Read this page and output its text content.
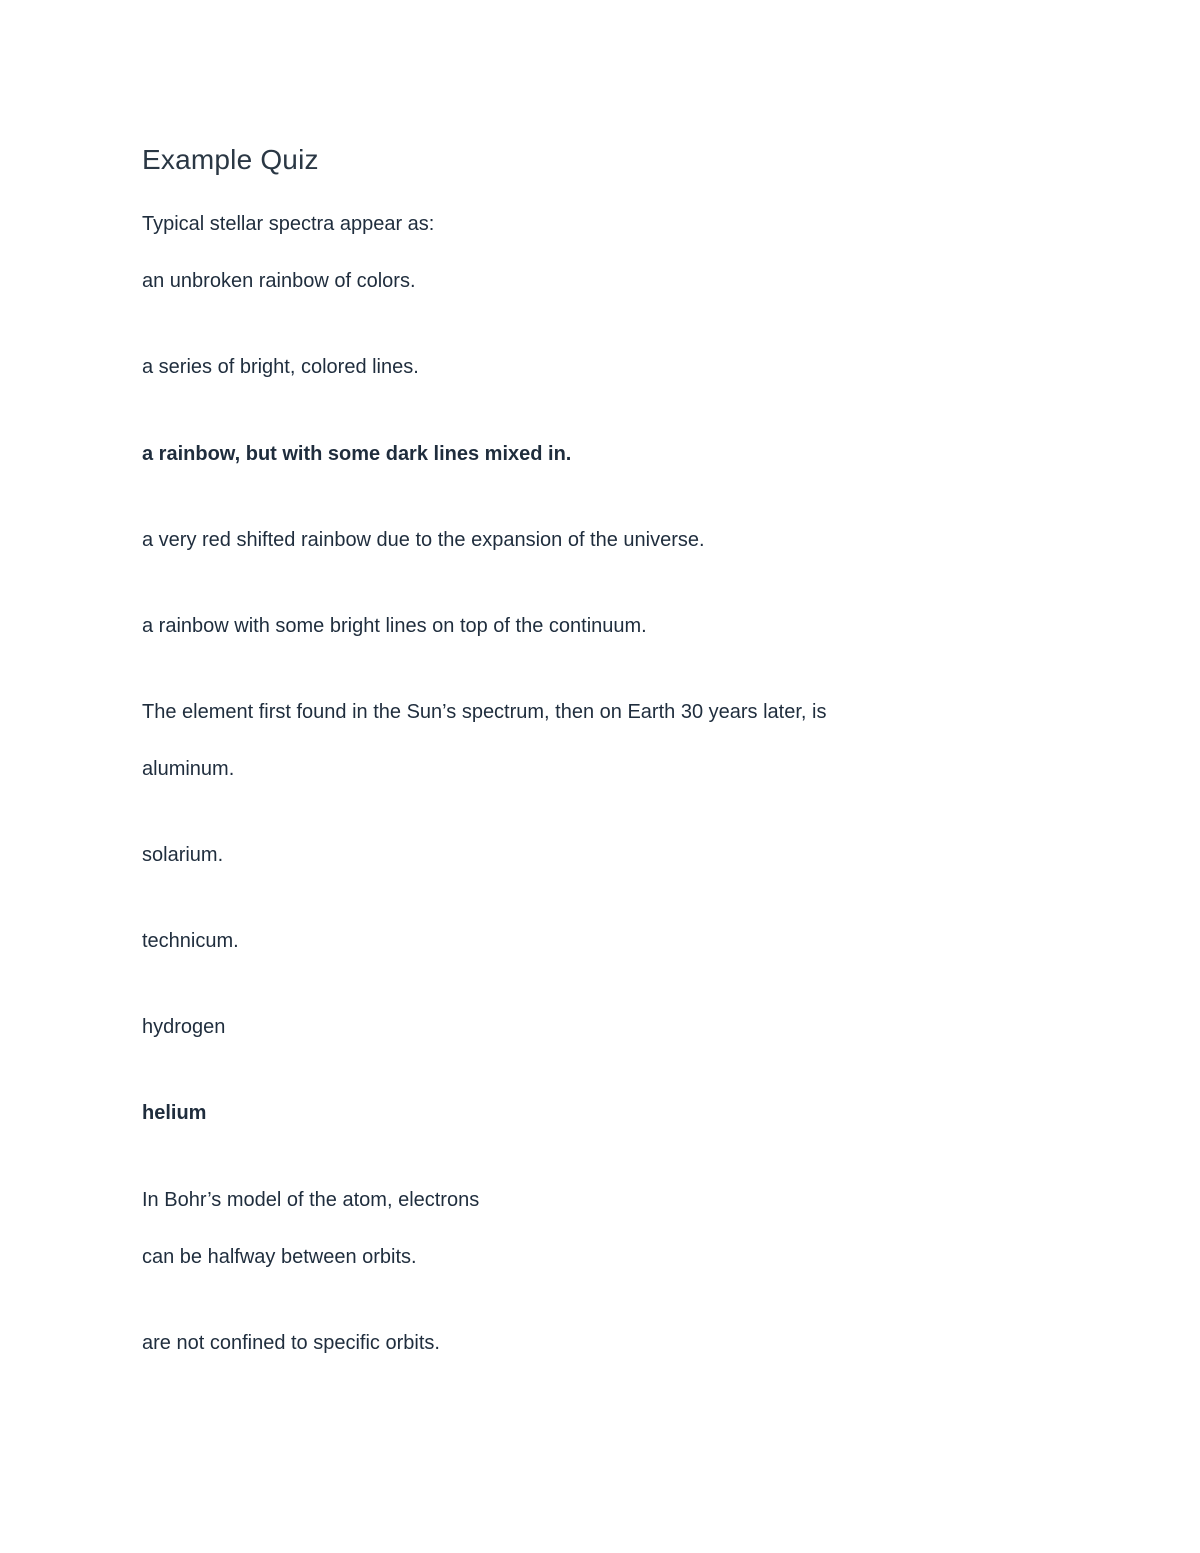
Example Quiz

Typical stellar spectra appear as:

an unbroken rainbow of colors.

a series of bright, colored lines.

a rainbow, but with some dark lines mixed in.

a very red shifted rainbow due to the expansion of the universe.

a rainbow with some bright lines on top of the continuum.

The element first found in the Sun’s spectrum, then on Earth 30 years later, is

aluminum.

solarium.

technicum.

hydrogen

helium

In Bohr’s model of the atom, electrons

can be halfway between orbits.

are not confined to specific orbits.
